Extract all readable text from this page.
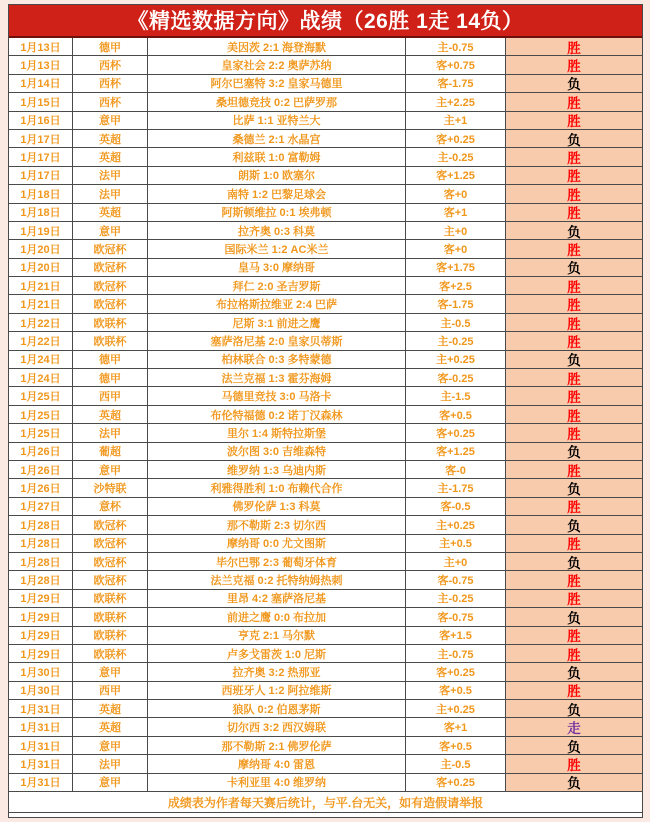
《精选数据方向》战绩（26胜 1走 14负）
1月13日	德甲	美因茨 2:1 海登海默	主-0.75	胜
1月13日	西杯	皇家社会 2:2 奥萨苏纳	客+0.75	胜
1月14日	西杯	阿尔巴塞特 3:2 皇家马德里	客-1.75	负
1月15日	西杯	桑坦德竞技 0:2 巴萨罗那	主+2.25	胜
1月16日	意甲	比萨 1:1 亚特兰大	主+1	胜
1月17日	英超	桑德兰 2:1 水晶宫	客+0.25	负
1月17日	英超	利兹联 1:0 富勒姆	主-0.25	胜
1月17日	法甲	朗斯 1:0 欧塞尔	客+1.25	胜
1月18日	法甲	南特 1:2 巴黎足球会	客+0	胜
1月18日	英超	阿斯顿维拉 0:1 埃弗顿	客+1	胜
1月19日	意甲	拉齐奥 0:3 科莫	主+0	负
1月20日	欧冠杯	国际米兰 1:2 AC米兰	客+0	胜
1月20日	欧冠杯	皇马 3:0 摩纳哥	客+1.75	负
1月21日	欧冠杯	拜仁 2:0 圣吉罗斯	客+2.5	胜
1月21日	欧冠杯	布拉格斯拉维亚 2:4 巴萨	客-1.75	胜
1月22日	欧联杯	尼斯 3:1 前进之鹰	主-0.5	胜
1月22日	欧联杯	塞萨洛尼基 2:0 皇家贝蒂斯	主-0.25	胜
1月24日	德甲	柏林联合 0:3 多特蒙德	主+0.25	负
1月24日	德甲	法兰克福 1:3 霍芬海姆	客-0.25	胜
1月25日	西甲	马德里竞技 3:0 马洛卡	主-1.5	胜
1月25日	英超	布伦特福德 0:2 诺丁汉森林	客+0.5	胜
1月25日	法甲	里尔 1:4 斯特拉斯堡	客+0.25	胜
1月26日	葡超	波尔图 3:0 吉维森特	客+1.25	负
1月26日	意甲	维罗纳 1:3 乌迪内斯	客-0	胜
1月26日	沙特联	利雅得胜利 1:0 布赖代合作	主-1.75	负
1月27日	意杯	佛罗伦萨 1:3 科莫	客-0.5	胜
1月28日	欧冠杯	那不勒斯 2:3 切尔西	主+0.25	负
1月28日	欧冠杯	摩纳哥 0:0 尤文图斯	主+0.5	胜
1月28日	欧冠杯	毕尔巴鄂 2:3 葡萄牙体育	主+0	负
1月28日	欧冠杯	法兰克福 0:2 托特纳姆热刺	客-0.75	胜
1月29日	欧联杯	里昂 4:2 塞萨洛尼基	主-0.25	胜
1月29日	欧联杯	前进之鹰 0:0 布拉加	客-0.75	负
1月29日	欧联杯	亨克 2:1 马尔默	客+1.5	胜
1月29日	欧联杯	卢多戈雷茨 1:0 尼斯	主-0.75	胜
1月30日	意甲	拉齐奥 3:2 热那亚	客+0.25	负
1月30日	西甲	西班牙人 1:2 阿拉维斯	客+0.5	胜
1月31日	英超	狼队 0:2 伯恩茅斯	主+0.25	负
1月31日	英超	切尔西 3:2 西汉姆联	客+1	走
1月31日	意甲	那不勒斯 2:1 佛罗伦萨	客+0.5	负
1月31日	法甲	摩纳哥 4:0 雷恩	主-0.5	胜
1月31日	意甲	卡利亚里 4:0 维罗纳	客+0.25	负
成绩表为作者每天赛后统计，与平.台无关，如有造假请举报
